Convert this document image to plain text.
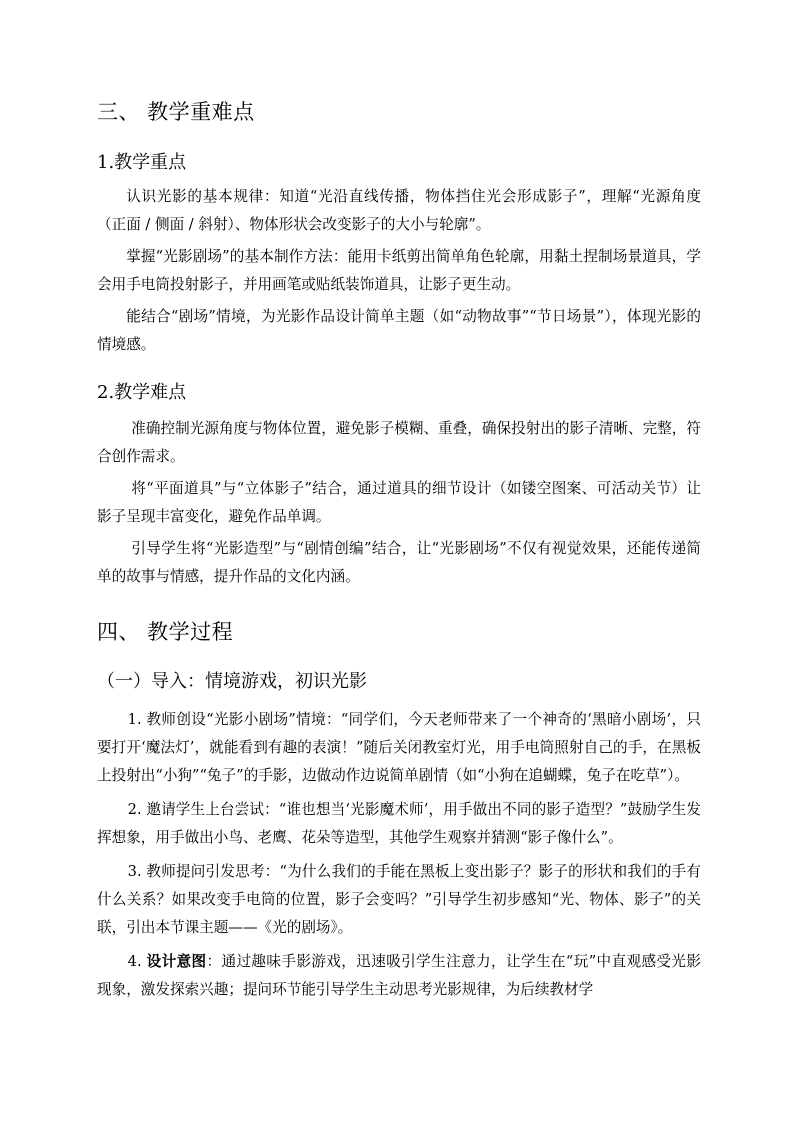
三、 教学重难点
1.教学重点

认识光影的基本规律：知道“光沿直线传播，物体挡住光会形成影子”，理解“光源角度（正面 / 侧面 / 斜射）、物体形状会改变影子的大小与轮廓”。

掌握“光影剧场”的基本制作方法：能用卡纸剪出简单角色轮廓，用黏土捏制场景道具，学会用手电筒投射影子，并用画笔或贴纸装饰道具，让影子更生动。

能结合“剧场”情境，为光影作品设计简单主题（如“动物故事”“节日场景”），体现光影的情境感。

2.教学难点

准确控制光源角度与物体位置，避免影子模糊、重叠，确保投射出的影子清晰、完整，符合创作需求。

将“平面道具”与“立体影子”结合，通过道具的细节设计（如镂空图案、可活动关节）让影子呈现丰富变化，避免作品单调。

引导学生将“光影造型”与“剧情创编”结合，让“光影剧场”不仅有视觉效果，还能传递简单的故事与情感，提升作品的文化内涵。

四、 教学过程
（一）导入：情境游戏，初识光影

1. 教师创设“光影小剧场”情境：“同学们，今天老师带来了一个神奇的‘黑暗小剧场’，只要打开‘魔法灯’，就能看到有趣的表演！”随后关闭教室灯光，用手电筒照射自己的手，在黑板上投射出“小狗”“兔子”的手影，边做动作边说简单剧情（如“小狗在追蝴蝶，兔子在吃草”）。

2. 邀请学生上台尝试：“谁也想当‘光影魔术师’，用手做出不同的影子造型？”鼓励学生发挥想象，用手做出小鸟、老鹰、花朵等造型，其他学生观察并猜测“影子像什么”。

3. 教师提问引发思考：“为什么我们的手能在黑板上变出影子？影子的形状和我们的手有什么关系？如果改变手电筒的位置，影子会变吗？”引导学生初步感知“光、物体、影子”的关联，引出本节课主题——《光的剧场》。

4. 设计意图：通过趣味手影游戏，迅速吸引学生注意力，让学生在“玩”中直观感受光影现象，激发探索兴趣；提问环节能引导学生主动思考光影规律，为后续教材学
